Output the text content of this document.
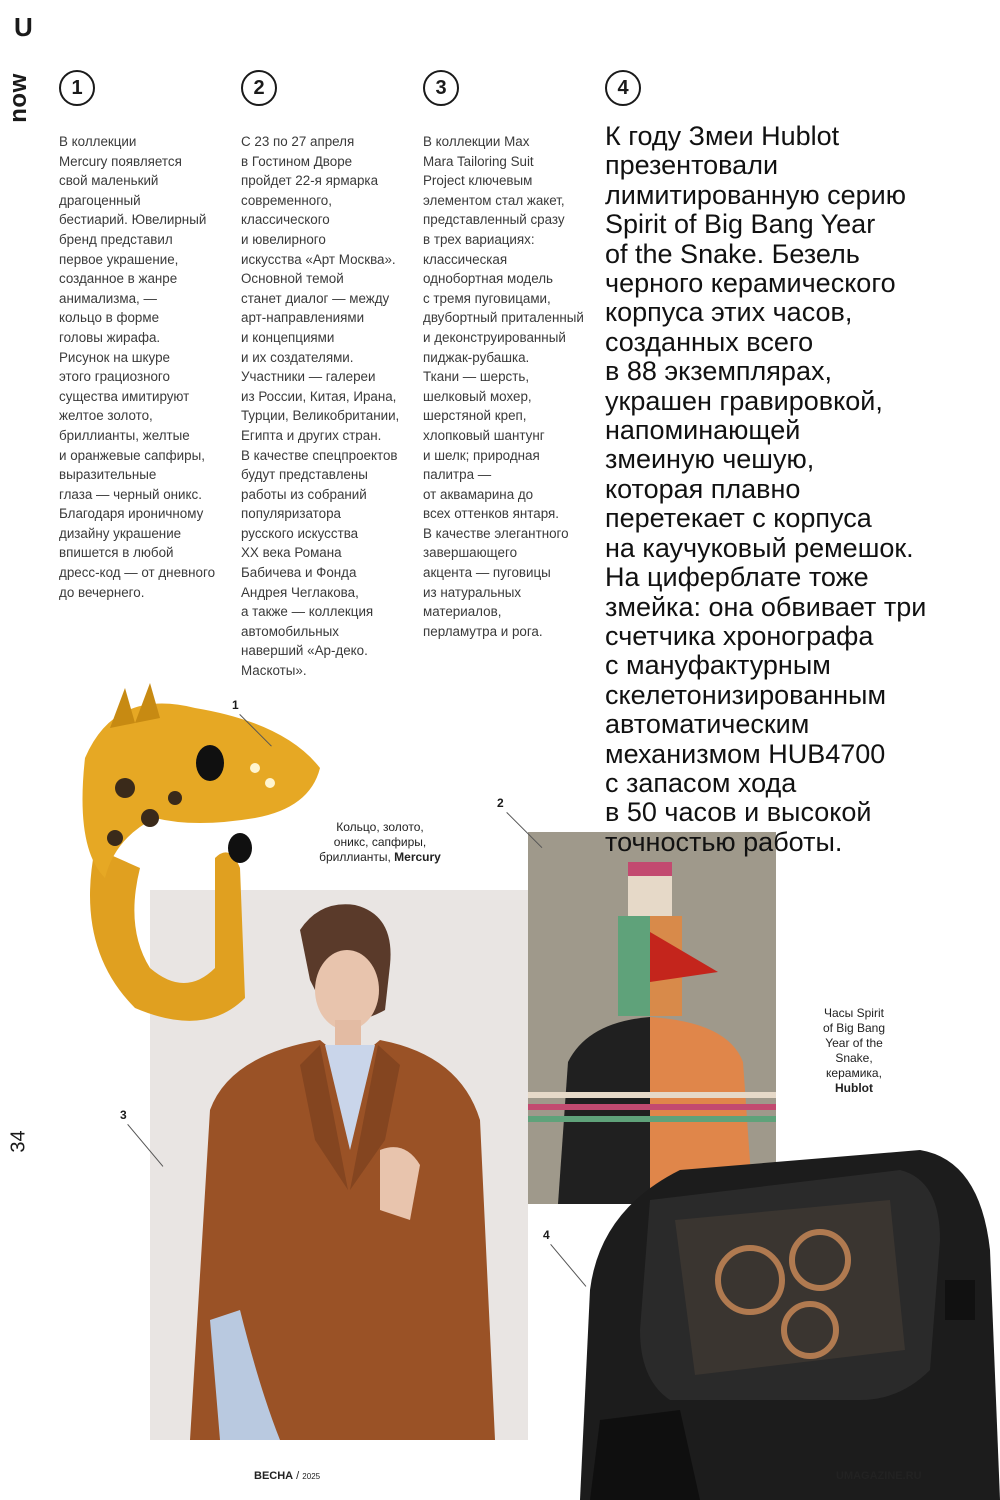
U
now	1	2	3	4
В коллекции
Mercury появляется
свой маленький
драгоценный
бестиарий. Ювелирный
бренд представил
первое украшение,
созданное в жанре
анимализма, —
кольцо в форме
головы жирафа.
Рисунок на шкуре
этого грациозного
существа имитируют
желтое золото,
бриллианты, желтые
и оранжевые сапфиры,
выразительные
глаза — черный оникс.
Благодаря ироничному
дизайну украшение
впишется в любой
дресс-код — от дневного
до вечернего.
С 23 по 27 апреля
в Гостином Дворе
пройдет 22-я ярмарка
современного,
классического
и ювелирного
искусства «Арт Москва».
Основной темой
станет диалог — между
арт-направлениями
и концепциями
и их создателями.
Участники — галереи
из России, Китая, Ирана,
Турции, Великобритании,
Египта и других стран.
В качестве спецпроектов
будут представлены
работы из собраний
популяризатора
русского искусства
XX века Романа
Бабичева и Фонда
Андрея Чеглакова,
а также — коллекция
автомобильных
наверший «Ар-деко.
Маскоты».
В коллекции Max
Mara Tailoring Suit
Project ключевым
элементом стал жакет,
представленный сразу
в трех вариациях:
классическая
однобортная модель
с тремя пуговицами,
двубортный приталенный
и деконструированный
пиджак-рубашка.
Ткани — шерсть,
шелковый мохер,
шерстяной креп,
хлопковый шантунг
и шелк; природная
палитра —
от аквамарина до
всех оттенков янтаря.
В качестве элегантного
завершающего
акцента — пуговицы
из натуральных
материалов,
перламутра и рога.
К году Змеи Hublot
презентовали
лимитированную серию
Spirit of Big Bang Year
of the Snake. Безель
черного керамического
корпуса этих часов,
созданных всего
в 88 экземплярах,
украшен гравировкой,
напоминающей
змеиную чешую,
которая плавно
перетекает с корпуса
на каучуковый ремешок.
На циферблате тоже
змейка: она обвивает три
счетчика хронографа
с мануфактурным
скелетонизированным
автоматическим
механизмом HUB4700
с запасом хода
в 50 часов и высокой
точностью работы.
Кольцо, золото,
оникс, сапфиры,
бриллианты, Mercury
Часы Spirit
of Big Bang
Year of the
Snake,
керамика,
Hublot
1
2
3
4
34
ВЕСНА / 2025	UMAGAZINE.RU
